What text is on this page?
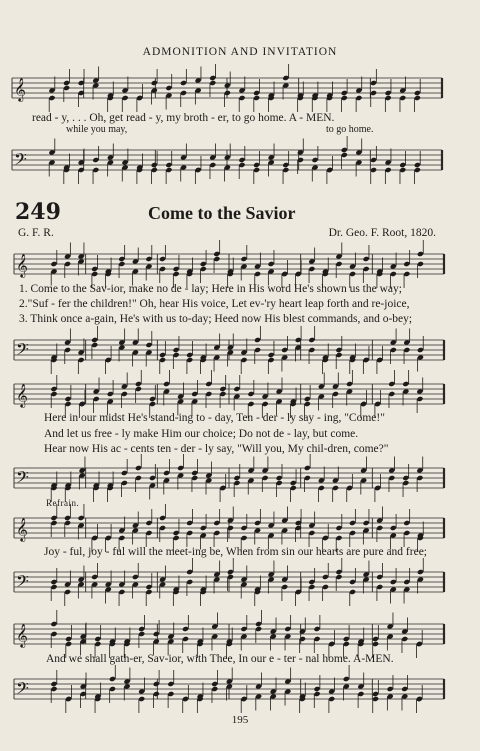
ADMONITION AND INVITATION
𝄞
read - y, . . . Oh, get read - y, my broth - er, to go home. A - MEN.
while you may,	to go home.
𝄢
249	Come to the Savior
G. F. R.	Dr. Geo. F. Root, 1820.
𝄞
1. Come to the Sav-ior, make no de - lay; Here in His word He's shown us the way;
2."Suf - fer the children!" Oh, hear His voice, Let ev-'ry heart leap forth and re-joice,
3. Think once a-gain, He's with us to-day; Heed now His blest commands, and o-bey;
𝄢
𝄞
Here in our midst He's stand-ing to - day, Ten - der - ly say - ing, "Come!"
And let us free - ly make Him our choice; Do not de - lay, but come.
Hear now His ac - cents ten - der - ly say, "Will you, My chil-dren, come?"
𝄢
Refrain.
𝄞
Joy - ful, joy - ful will the meet-ing be, When from sin our hearts are pure and free;
𝄢
𝄞
And we shall gath-er, Sav-ior, with Thee, In our e - ter - nal home. A-MEN.
𝄢
195
